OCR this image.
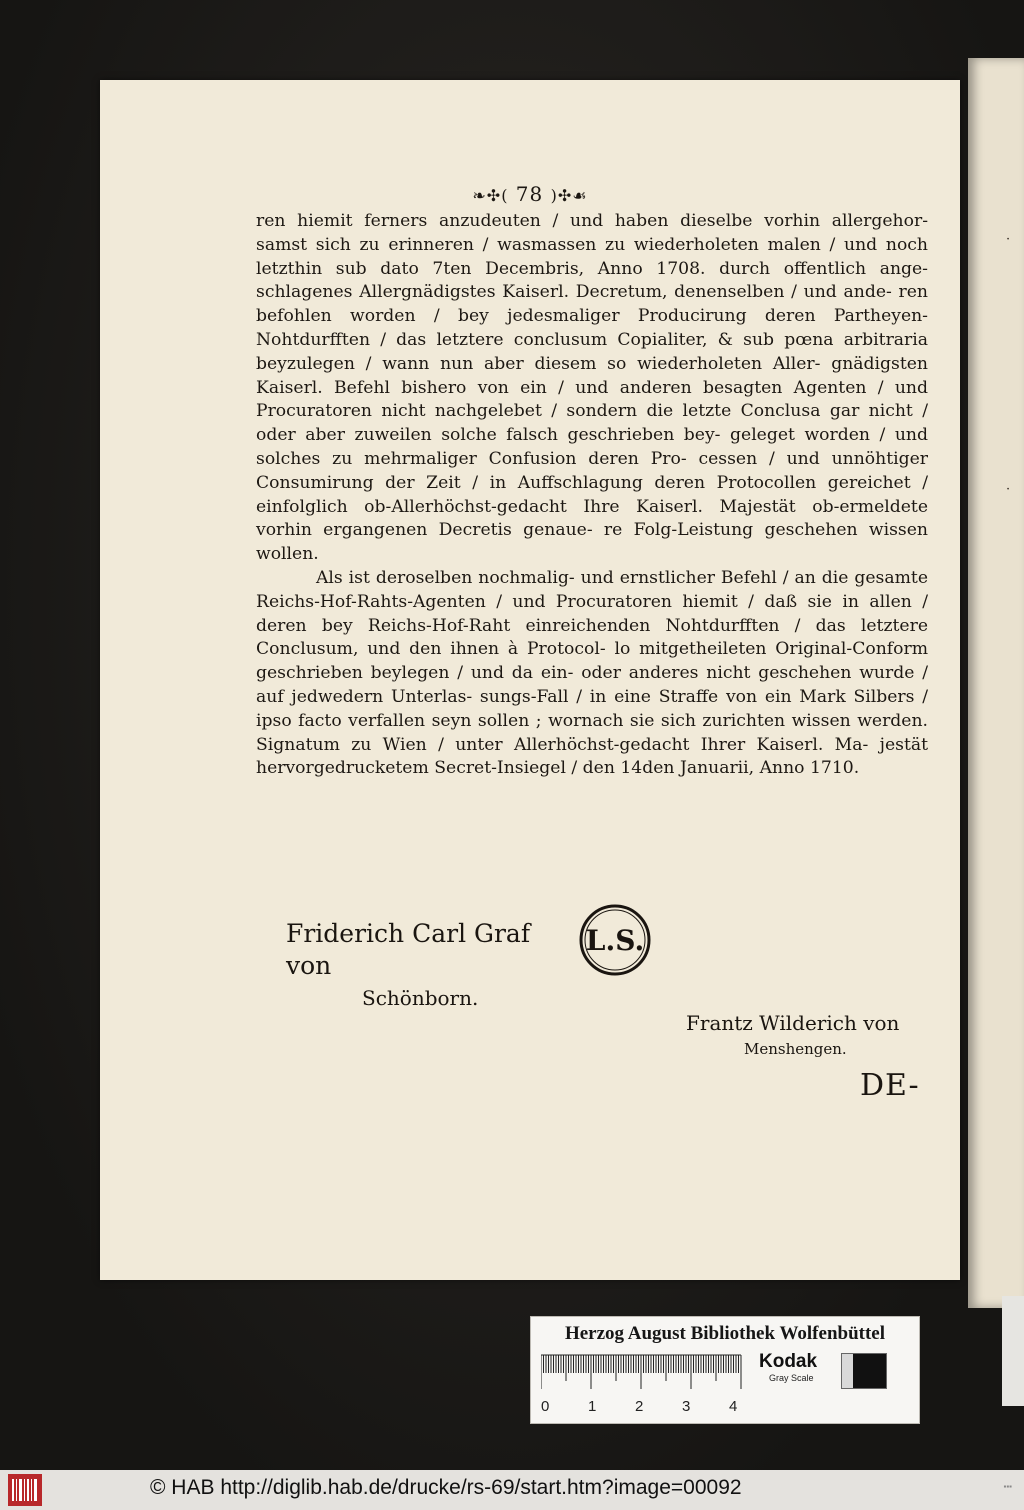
·
·
❧✣( 78 )✣☙

ren hiemit ferners anzudeuten / und haben dieselbe vorhin allergehor- samst sich zu erinneren / wasmassen zu wiederholeten malen / und noch letzthin sub dato 7ten Decembris, Anno 1708. durch offentlich ange- schlagenes Allergnädigstes Kaiserl. Decretum, denenselben / und ande- ren befohlen worden / bey jedesmaliger Producirung deren Partheyen- Nohtdurfften / das letztere conclusum Copialiter, & sub pœna arbitraria beyzulegen / wann nun aber diesem so wiederholeten Aller- gnädigsten Kaiserl. Befehl bishero von ein / und anderen besagten Agenten / und Procuratoren nicht nachgelebet / sondern die letzte Conclusa gar nicht / oder aber zuweilen solche falsch geschrieben bey- geleget worden / und solches zu mehrmaliger Confusion deren Pro- cessen / und unnöhtiger Consumirung der Zeit / in Auffschlagung deren Protocollen gereichet / einfolglich ob-Allerhöchst-gedacht Ihre Kaiserl. Majestät ob-ermeldete vorhin ergangenen Decretis genaue- re Folg-Leistung geschehen wissen wollen.

Als ist deroselben nochmalig- und ernstlicher Befehl / an die gesamte Reichs-Hof-Rahts-Agenten / und Procuratoren hiemit / daß sie in allen / deren bey Reichs-Hof-Raht einreichenden Nohtdurfften / das letztere Conclusum, und den ihnen à Protocol- lo mitgetheileten Original-Conform geschrieben beylegen / und da ein- oder anderes nicht geschehen wurde / auf jedwedern Unterlas- sungs-Fall / in eine Straffe von ein Mark Silbers / ipso facto verfallen seyn sollen ; wornach sie sich zurichten wissen werden. Signatum zu Wien / unter Allerhöchst-gedacht Ihrer Kaiserl. Ma- jestät hervorgedrucketem Secret-Insiegel / den 14den Januarii, Anno 1710.

Friderich Carl Graf von
Schönborn.
L.S.
Frantz Wilderich von
Menshengen.
DE-
Herzog August Bibliothek Wolfenbüttel
0	1	2	3	4
Kodak
Gray Scale
© HAB http://diglib.hab.de/drucke/rs-69/start.htm?image=00092	▪▪▪
